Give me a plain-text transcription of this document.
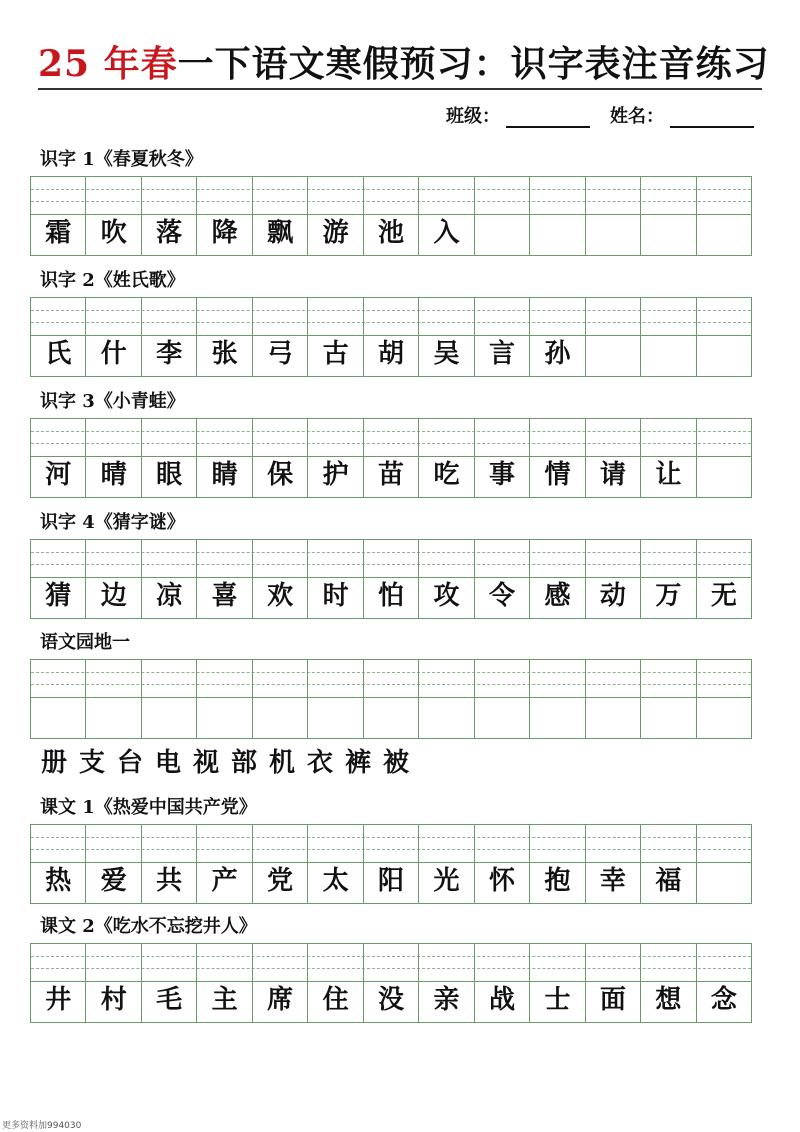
25 年春一下语文寒假预习：识字表注音练习
班级：	姓名：
识字 1《春夏秋冬》
霜	吹	落	降	飘	游	池	入
识字 2《姓氏歌》
氏	什	李	张	弓	古	胡	吴	言	孙
识字 3《小青蛙》
河	晴	眼	睛	保	护	苗	吃	事	情	请	让
识字 4《猜字谜》
猜	边	凉	喜	欢	时	怕	攻	令	感	动	万	无
语文园地一
课文 1《热爱中国共产党》
热	爱	共	产	党	太	阳	光	怀	抱	幸	福
课文 2《吃水不忘挖井人》
井	村	毛	主	席	住	没	亲	战	士	面	想	念
册 支 台 电 视 部 机 衣 裤 被
更多资料加994030
